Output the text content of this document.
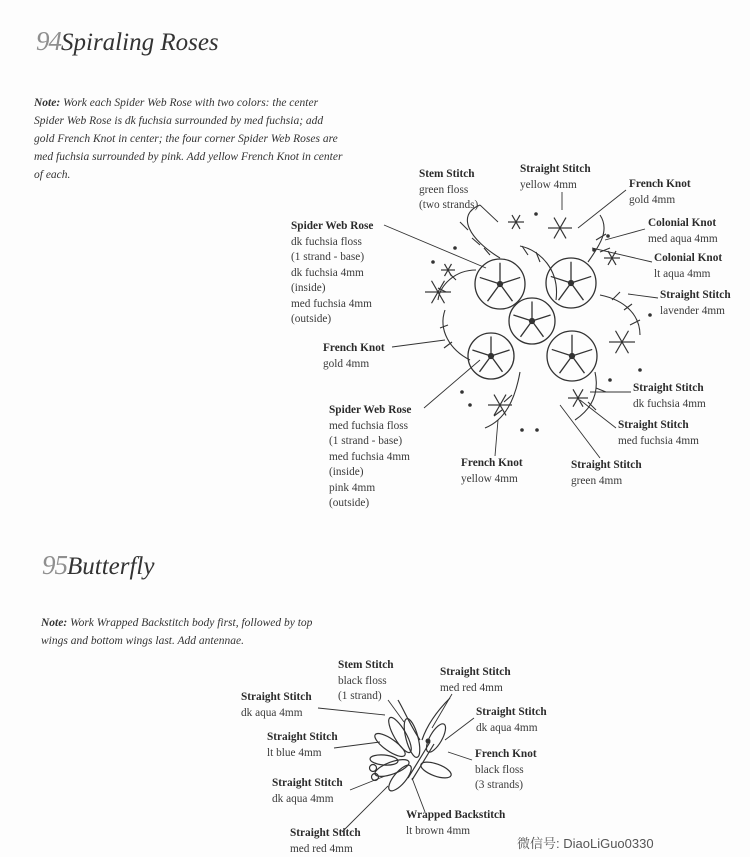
94Spiraling Roses
Note: Work each Spider Web Rose with two colors: the center Spider Web Rose is dk fuchsia surrounded by med fuchsia; add gold French Knot in center; the four corner Spider Web Roses are med fuchsia surrounded by pink. Add yellow French Knot in center of each.	Stem Stitch
green floss
(two strands)
Straight Stitch
yellow 4mm	French Knot
gold 4mm
Colonial Knot
med aqua 4mm
Colonial Knot
lt aqua 4mm
Straight Stitch
lavender 4mm
Spider Web Rose
dk fuchsia floss
(1 strand - base)
dk fuchsia 4mm
(inside)
med fuchsia 4mm
(outside)
French Knot
gold 4mm
Straight Stitch
dk fuchsia 4mm
Straight Stitch
med fuchsia 4mm
Spider Web Rose
med fuchsia floss
(1 strand - base)
med fuchsia 4mm
(inside)
pink 4mm
(outside)
French Knot
yellow 4mm
Straight Stitch
green 4mm
95Butterfly
Note: Work Wrapped Backstitch body first, followed by top wings and bottom wings last. Add antennae.
Stem Stitch
black floss
(1 strand)
Straight Stitch
med red 4mm
Straight Stitch
dk aqua 4mm	Straight Stitch
dk aqua 4mm
Straight Stitch
lt blue 4mm	French Knot
black floss
(3 strands)
Straight Stitch
dk aqua 4mm
Wrapped Backstitch
lt brown 4mm
Straight Stitch
med red 4mm	微信号: DiaoLiGuo0330
